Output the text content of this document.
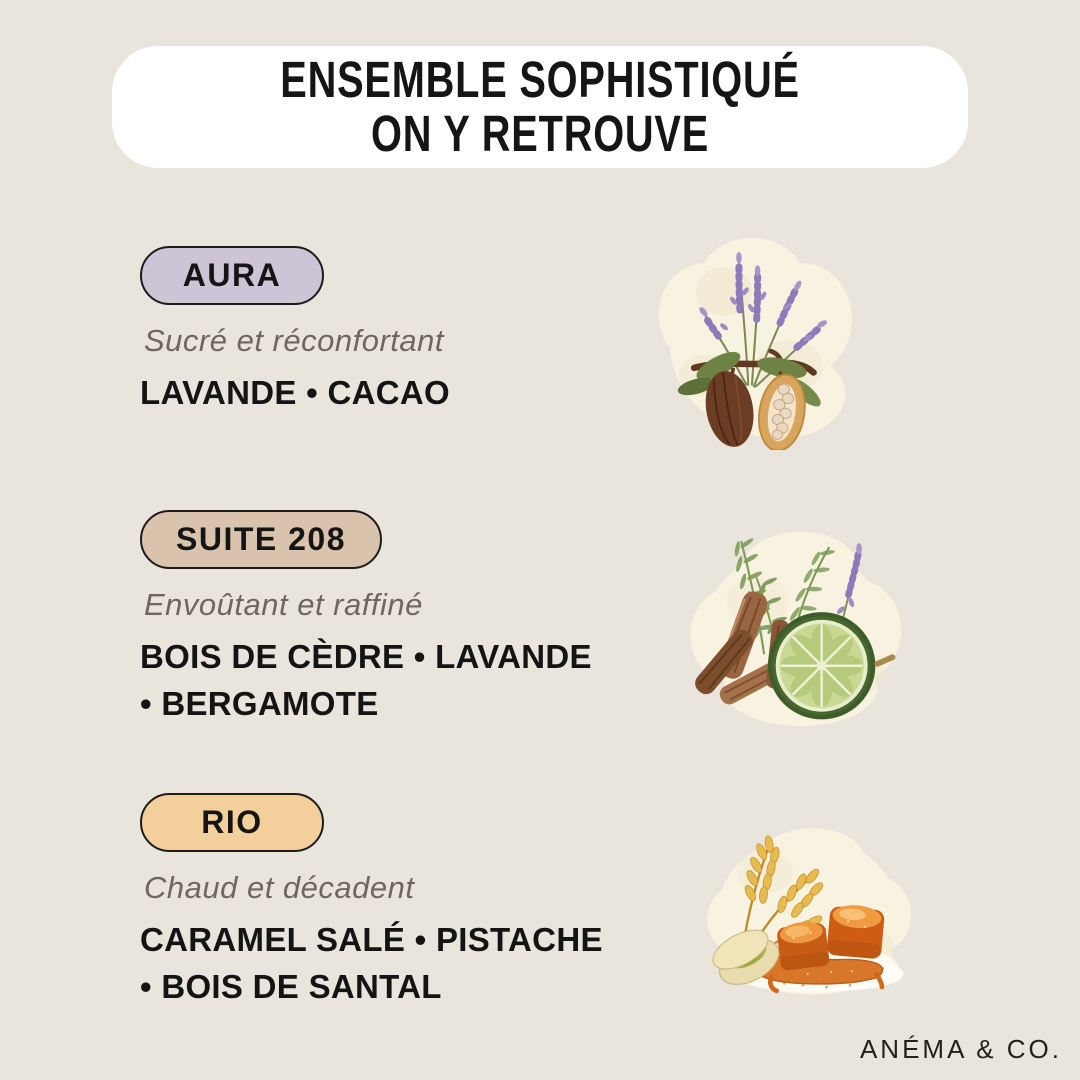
ENSEMBLE SOPHISTIQUÉ
ON Y RETROUVE
AURA

Sucré et réconfortant

LAVANDE • CACAO

SUITE 208

Envoûtant et raffiné

BOIS DE CÈDRE • LAVANDE
• BERGAMOTE

RIO

Chaud et décadent

CARAMEL SALÉ • PISTACHE
• BOIS DE SANTAL

ANÉMA & CO.
